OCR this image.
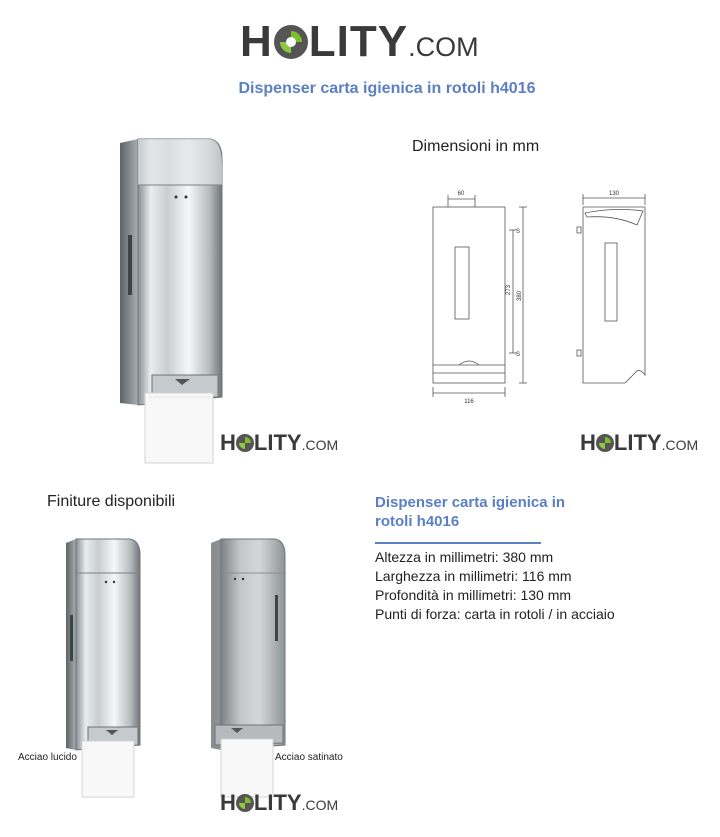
H LITY.COM
Dispenser carta igienica in rotoli h4016
Dimensioni in mm
60
116
273
380
130
S
S
H LITY.COM	H LITY.COM
Finiture disponibili
Acciao lucido	Acciao satinato
H LITY.COM
Dispenser carta igienica in rotoli h4016
Altezza in millimetri: 380 mm
Larghezza in millimetri: 116 mm
Profondità in millimetri: 130 mm
Punti di forza: carta in rotoli / in acciaio
